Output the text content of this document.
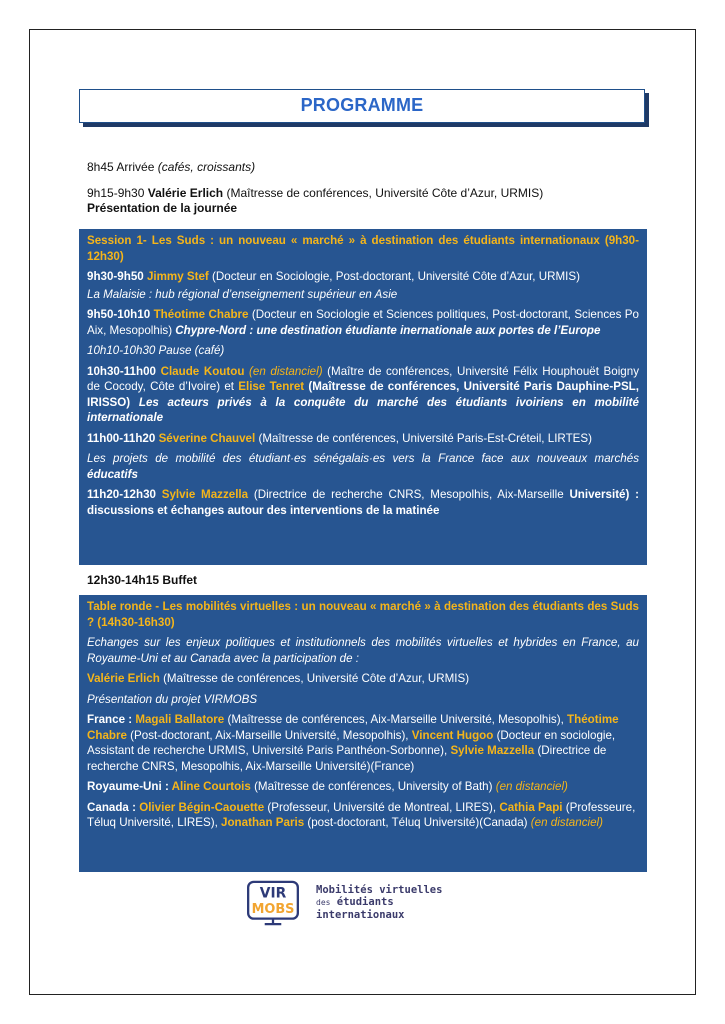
PROGRAMME
8h45 Arrivée (cafés, croissants)
9h15-9h30 Valérie Erlich (Maîtresse de conférences, Université Côte d’Azur, URMIS)
Présentation de la journée

Session 1- Les Suds : un nouveau « marché » à destination des étudiants internationaux (9h30-12h30)

9h30-9h50 Jimmy Stef (Docteur en Sociologie, Post-doctorant, Université Côte d’Azur, URMIS)

La Malaisie : hub régional d’enseignement supérieur en Asie

9h50-10h10 Théotime Chabre (Docteur en Sociologie et Sciences politiques, Post-doctorant, Sciences Po Aix, Mesopolhis) Chypre-Nord : une destination étudiante inernationale aux portes de l’Europe

10h10-10h30 Pause (café)

10h30-11h00 Claude Koutou (en distanciel) (Maître de conférences, Université Félix Houphouët Boigny de Cocody, Côte d’Ivoire) et Elise Tenret (Maîtresse de conférences, Université Paris Dauphine-PSL, IRISSO) Les acteurs privés à la conquête du marché des étudiants ivoiriens en mobilité internationale

11h00-11h20 Séverine Chauvel (Maîtresse de conférences, Université Paris-Est-Créteil, LIRTES)

Les projets de mobilité des étudiant·es sénégalais·es vers la France face aux nouveaux marchés éducatifs

11h20-12h30 Sylvie Mazzella (Directrice de recherche CNRS, Mesopolhis, Aix-Marseille Université) : discussions et échanges autour des interventions de la matinée

12h30-14h15 Buffet

Table ronde - Les mobilités virtuelles : un nouveau « marché » à destination des étudiants des Suds ? (14h30-16h30)

Echanges sur les enjeux politiques et institutionnels des mobilités virtuelles et hybrides en France, au Royaume-Uni et au Canada avec la participation de :

Valérie Erlich (Maîtresse de conférences, Université Côte d’Azur, URMIS)

Présentation du projet VIRMOBS

France : Magali Ballatore (Maîtresse de conférences, Aix-Marseille Université, Mesopolhis), Théotime Chabre (Post-doctorant, Aix-Marseille Université, Mesopolhis), Vincent Hugoo (Docteur en sociologie, Assistant de recherche URMIS, Université Paris Panthéon-Sorbonne), Sylvie Mazzella (Directrice de recherche CNRS, Mesopolhis, Aix-Marseille Université)(France)

Royaume-Uni : Aline Courtois (Maîtresse de conférences, University of Bath) (en distanciel)

Canada : Olivier Bégin-Caouette (Professeur, Université de Montreal, LIRES), Cathia Papi (Professeure, Téluq Université, LIRES), Jonathan Paris (post-doctorant, Téluq Université)(Canada) (en distanciel)

VIR
MOBS
Mobilités virtuelles
des étudiants
internationaux
